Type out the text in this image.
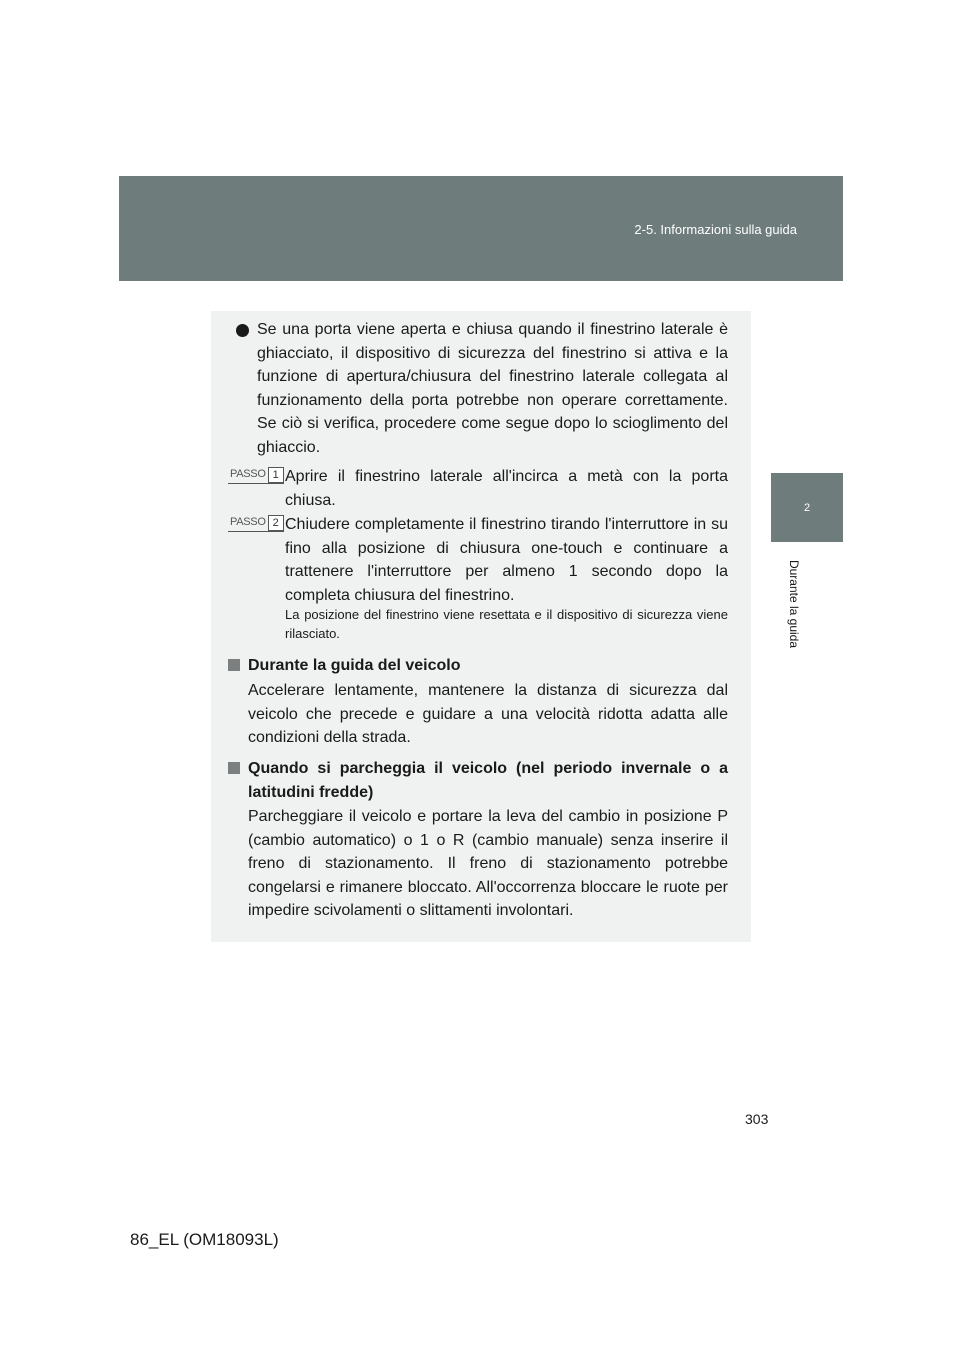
2-5. Informazioni sulla guida
2
Durante la guida
Se una porta viene aperta e chiusa quando il finestrino laterale è ghiacciato, il dispositivo di sicurezza del finestrino si attiva e la funzione di apertura/chiusura del finestrino laterale collegata al funzionamento della porta potrebbe non operare correttamente. Se ciò si verifica, procedere come segue dopo lo scioglimento del ghiaccio.
PASSO 1 Aprire il finestrino laterale all'incirca a metà con la porta chiusa.
PASSO 2 Chiudere completamente il finestrino tirando l'interruttore in su fino alla posizione di chiusura one-touch e continuare a trattenere l'interruttore per almeno 1 secondo dopo la completa chiusura del finestrino.
La posizione del finestrino viene resettata e il dispositivo di sicurezza viene rilasciato.
Durante la guida del veicolo
Accelerare lentamente, mantenere la distanza di sicurezza dal veicolo che precede e guidare a una velocità ridotta adatta alle condizioni della strada.
Quando si parcheggia il veicolo (nel periodo invernale o a latitudini fredde)
Parcheggiare il veicolo e portare la leva del cambio in posizione P (cambio automatico) o 1 o R (cambio manuale) senza inserire il freno di stazionamento. Il freno di stazionamento potrebbe congelarsi e rimanere bloccato. All'occorrenza bloccare le ruote per impedire scivolamenti o slittamenti involontari.
303
86_EL (OM18093L)
